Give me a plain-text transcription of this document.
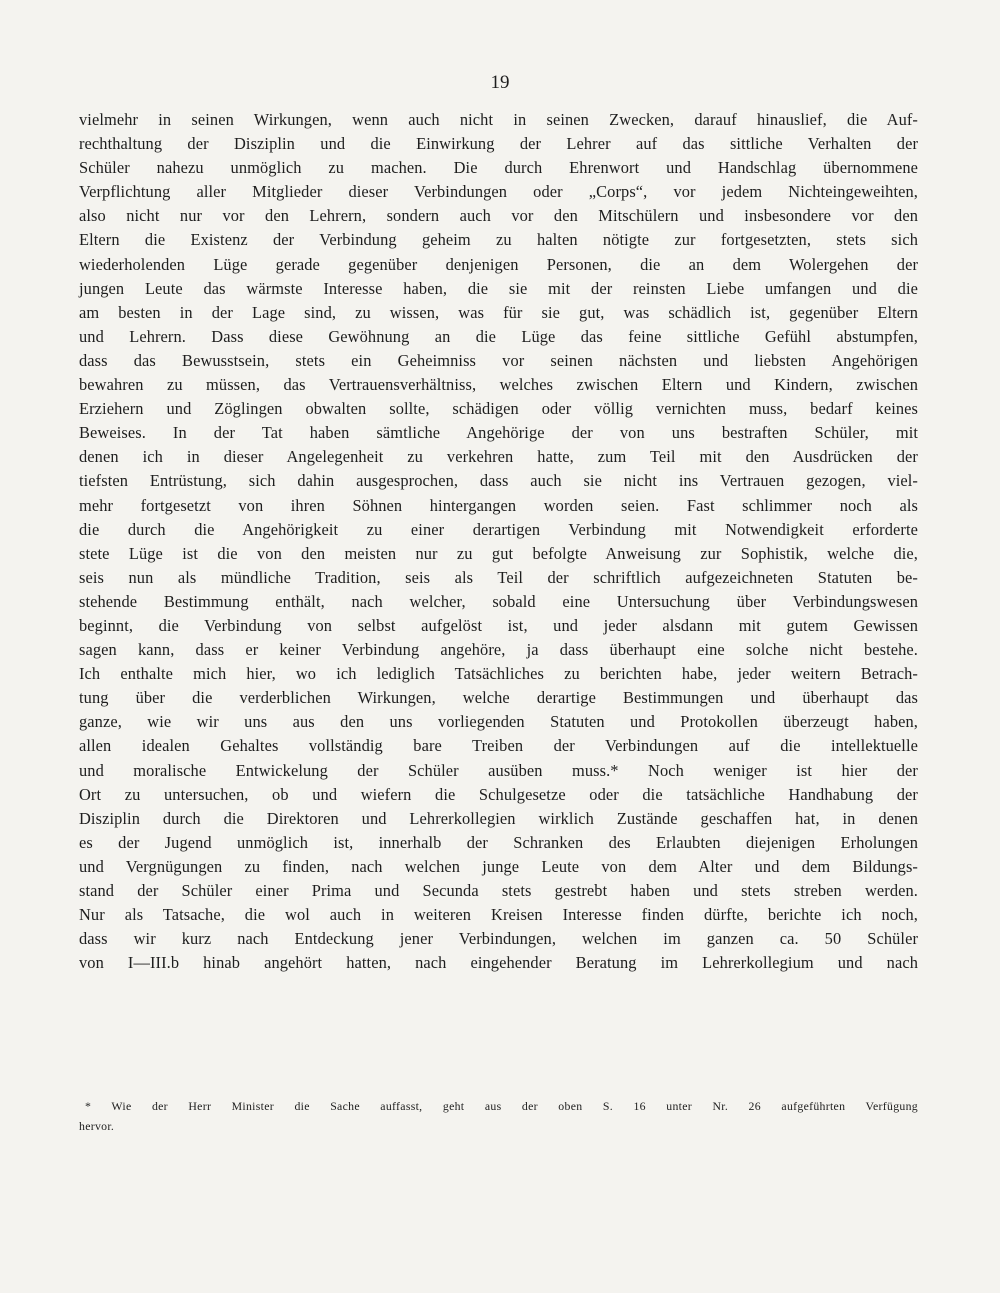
19
vielmehr in seinen Wirkungen, wenn auch nicht in seinen Zwecken, darauf hinauslief, die Auf-
rechthaltung der Disziplin und die Einwirkung der Lehrer auf das sittliche Verhalten der
Schüler nahezu unmöglich zu machen. Die durch Ehrenwort und Handschlag übernommene
Verpflichtung aller Mitglieder dieser Verbindungen oder „Corps“, vor jedem Nichteingeweihten,
also nicht nur vor den Lehrern, sondern auch vor den Mitschülern und insbesondere vor den
Eltern die Existenz der Verbindung geheim zu halten nötigte zur fortgesetzten, stets sich
wiederholenden Lüge gerade gegenüber denjenigen Personen, die an dem Wolergehen der
jungen Leute das wärmste Interesse haben, die sie mit der reinsten Liebe umfangen und die
am besten in der Lage sind, zu wissen, was für sie gut, was schädlich ist, gegenüber Eltern
und Lehrern. Dass diese Gewöhnung an die Lüge das feine sittliche Gefühl abstumpfen,
dass das Bewusstsein, stets ein Geheimniss vor seinen nächsten und liebsten Angehörigen
bewahren zu müssen, das Vertrauensverhältniss, welches zwischen Eltern und Kindern, zwischen
Erziehern und Zöglingen obwalten sollte, schädigen oder völlig vernichten muss, bedarf keines
Beweises. In der Tat haben sämtliche Angehörige der von uns bestraften Schüler, mit
denen ich in dieser Angelegenheit zu verkehren hatte, zum Teil mit den Ausdrücken der
tiefsten Entrüstung, sich dahin ausgesprochen, dass auch sie nicht ins Vertrauen gezogen, viel-
mehr fortgesetzt von ihren Söhnen hintergangen worden seien. Fast schlimmer noch als
die durch die Angehörigkeit zu einer derartigen Verbindung mit Notwendigkeit erforderte
stete Lüge ist die von den meisten nur zu gut befolgte Anweisung zur Sophistik, welche die,
seis nun als mündliche Tradition, seis als Teil der schriftlich aufgezeichneten Statuten be-
stehende Bestimmung enthält, nach welcher, sobald eine Untersuchung über Verbindungswesen
beginnt, die Verbindung von selbst aufgelöst ist, und jeder alsdann mit gutem Gewissen
sagen kann, dass er keiner Verbindung angehöre, ja dass überhaupt eine solche nicht bestehe.
Ich enthalte mich hier, wo ich lediglich Tatsächliches zu berichten habe, jeder weitern Betrach-
tung über die verderblichen Wirkungen, welche derartige Bestimmungen und überhaupt das
ganze, wie wir uns aus den uns vorliegenden Statuten und Protokollen überzeugt haben,
allen idealen Gehaltes vollständig bare Treiben der Verbindungen auf die intellektuelle
und moralische Entwickelung der Schüler ausüben muss.* Noch weniger ist hier der
Ort zu untersuchen, ob und wiefern die Schulgesetze oder die tatsächliche Handhabung der
Disziplin durch die Direktoren und Lehrerkollegien wirklich Zustände geschaffen hat, in denen
es der Jugend unmöglich ist, innerhalb der Schranken des Erlaubten diejenigen Erholungen
und Vergnügungen zu finden, nach welchen junge Leute von dem Alter und dem Bildungs-
stand der Schüler einer Prima und Secunda stets gestrebt haben und stets streben werden.
Nur als Tatsache, die wol auch in weiteren Kreisen Interesse finden dürfte, berichte ich noch,
dass wir kurz nach Entdeckung jener Verbindungen, welchen im ganzen ca. 50 Schüler
von I—III.b hinab angehört hatten, nach eingehender Beratung im Lehrerkollegium und nach
* Wie der Herr Minister die Sache auffasst, geht aus der oben S. 16 unter Nr. 26 aufgeführten Verfügung
hervor.
